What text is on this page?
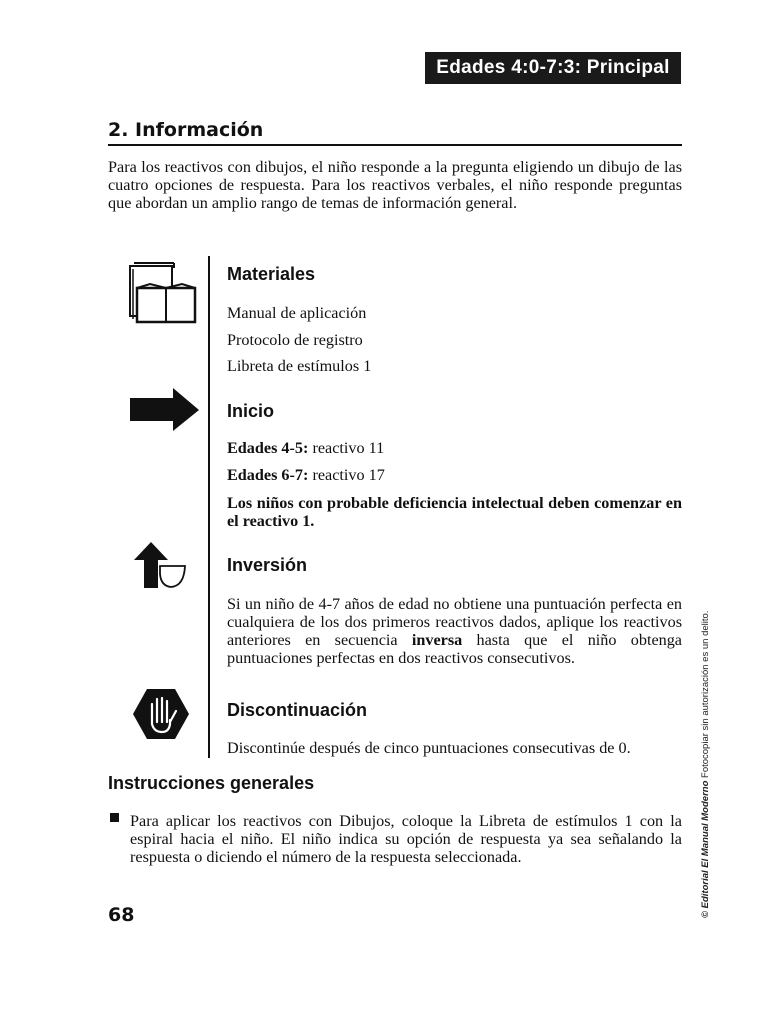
Edades 4:0-7:3: Principal
2. Información
Para los reactivos con dibujos, el niño responde a la pregunta eligiendo un dibujo de las cuatro opciones de respuesta. Para los reactivos verbales, el niño responde preguntas que abordan un amplio rango de temas de información general.
Materiales
Manual de aplicación
Protocolo de registro
Libreta de estímulos 1
Inicio
Edades 4-5: reactivo 11
Edades 6-7: reactivo 17
Los niños con probable deficiencia intelectual deben comenzar en el reactivo 1.
Inversión
Si un niño de 4-7 años de edad no obtiene una puntuación perfecta en cualquiera de los dos primeros reactivos dados, aplique los reactivos anteriores en secuencia inversa hasta que el niño obtenga puntuaciones perfectas en dos reactivos consecutivos.
Discontinuación
Discontinúe después de cinco puntuaciones consecutivas de 0.
Instrucciones generales
Para aplicar los reactivos con Dibujos, coloque la Libreta de estímulos 1 con la espiral hacia el niño. El niño indica su opción de respuesta ya sea señalando la respuesta o diciendo el número de la respuesta seleccionada.
68	© Editorial El Manual Moderno Fotocopiar sin autorización es un delito.
